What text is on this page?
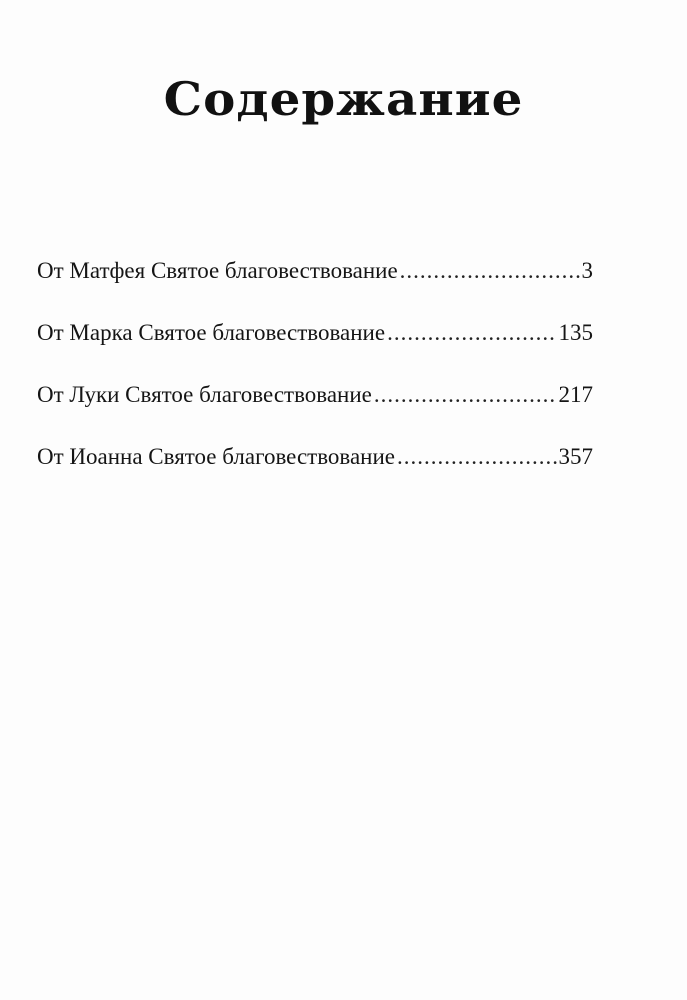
Содержание
От Матфея Святое благовествование .....	3
От Марка Святое благовествование .....	135
От Луки Святое благовествование .....	217
От Иоанна Святое благовествование .....	357
